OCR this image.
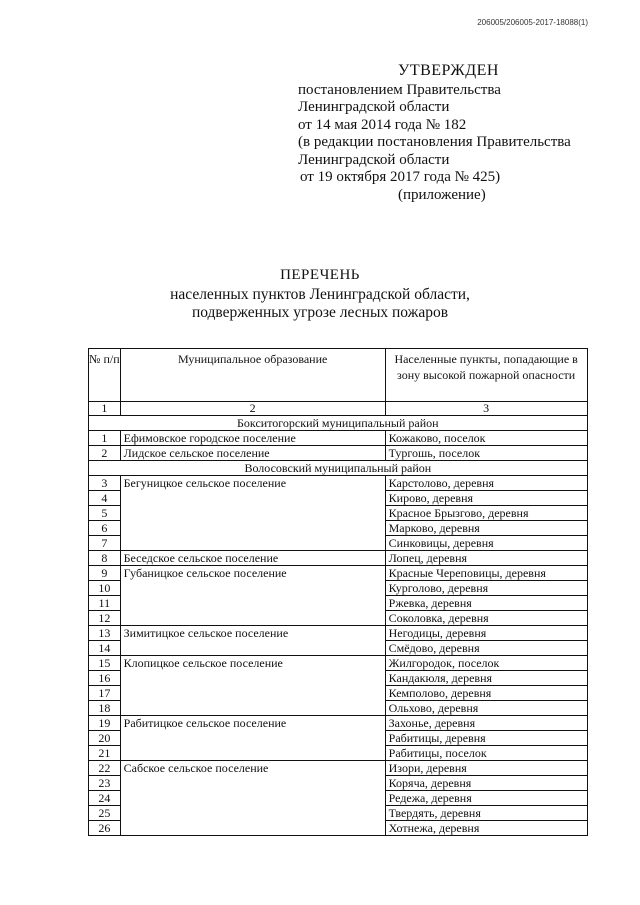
206005/206005-2017-18088(1)
УТВЕРЖДЕН
постановлением Правительства
Ленинградской области
от 14 мая 2014 года № 182
(в редакции постановления Правительства
Ленинградской области
от 19 октября 2017 года № 425)
(приложение)
ПЕРЕЧЕНЬ
населенных пунктов Ленинградской области,
подверженных угрозе лесных пожаров
№ п/п	Муниципальное образование	Населенные пункты, попадающие в зону высокой пожарной опасности
1	2	3
Бокситогорский муниципальный район		
1	Ефимовское городское поселение	Кожаково, поселок
2	Лидское сельское поселение	Тургошь, поселок
Волосовский муниципальный район		
3	Бегуницкое сельское поселение	Карстолово, деревня
4		Кирово, деревня
5		Красное Брызгово, деревня
6		Марково, деревня
7		Синковицы, деревня
8	Беседское сельское поселение	Лопец, деревня
9	Губаницкое сельское поселение	Красные Череповицы, деревня
10		Курголово, деревня
11		Ржевка, деревня
12		Соколовка, деревня
13	Зимитицкое сельское поселение	Негодицы, деревня
14		Смёдово, деревня
15	Клопицкое сельское поселение	Жилгородок, поселок
16		Кандакюля, деревня
17		Кемполово, деревня
18		Ольхово, деревня
19	Рабитицкое сельское поселение	Захонье, деревня
20		Рабитицы, деревня
21		Рабитицы, поселок
22	Сабское сельское поселение	Изори, деревня
23		Коряча, деревня
24		Редежа, деревня
25		Твердять, деревня
26		Хотнежа, деревня
